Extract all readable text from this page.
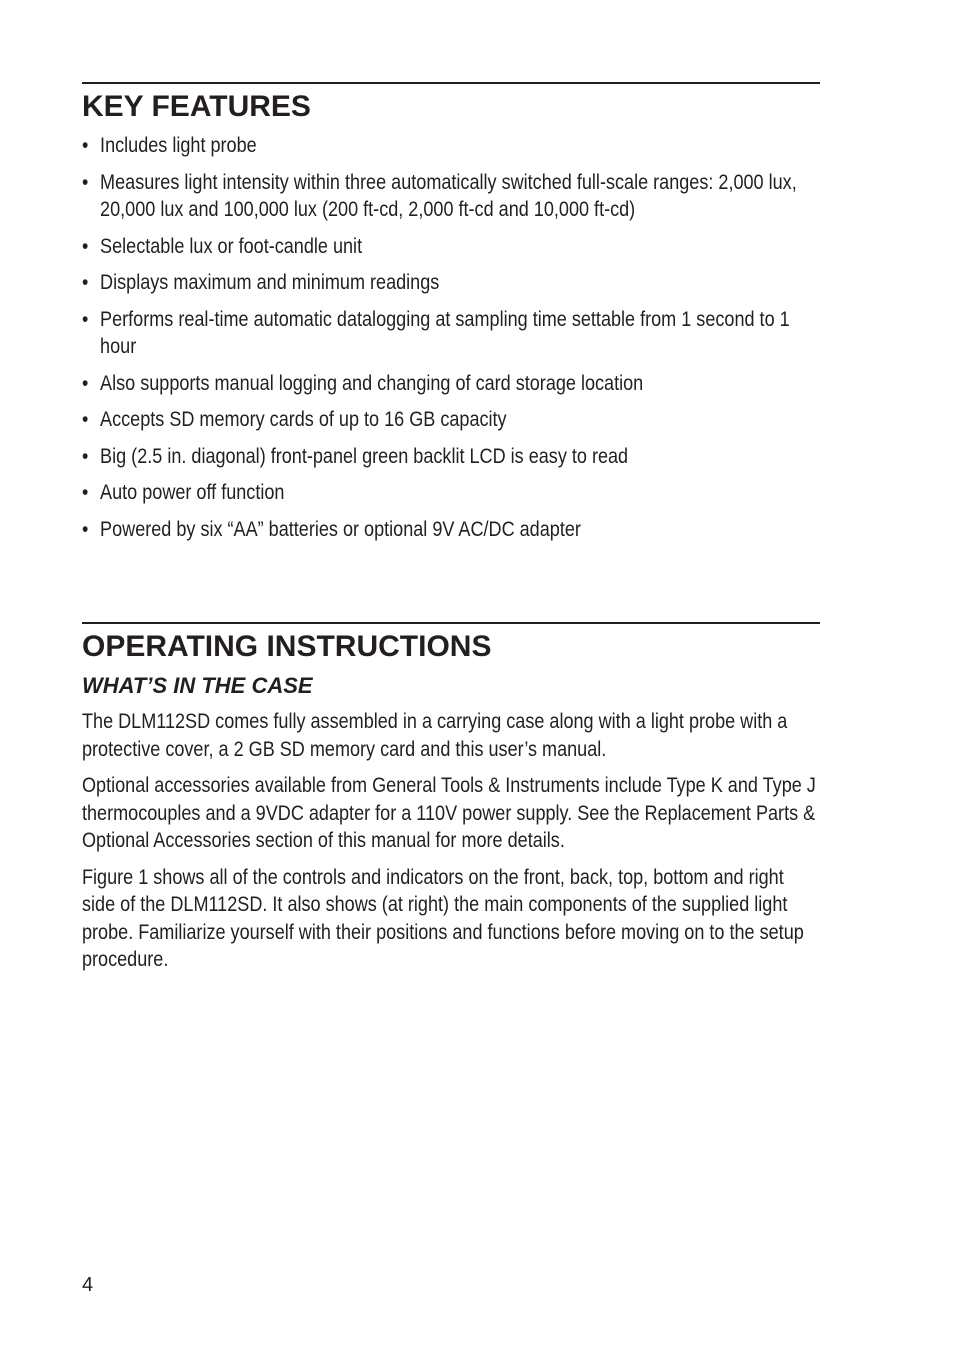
KEY FEATURES
• Includes light probe
• Measures light intensity within three automatically switched full-scale ranges: 2,000 lux, 20,000 lux and 100,000 lux (200 ft-cd, 2,000 ft-cd and 10,000 ft-cd)
• Selectable lux or foot-candle unit
• Displays maximum and minimum readings
• Performs real-time automatic datalogging at sampling time settable from 1 second to 1 hour
• Also supports manual logging and changing of card storage location
• Accepts SD memory cards of up to 16 GB capacity
• Big (2.5 in. diagonal) front-panel green backlit LCD is easy to read
• Auto power off function
• Powered by six “AA” batteries or optional 9V AC/DC adapter
OPERATING INSTRUCTIONS
WHAT’S IN THE CASE

The DLM112SD comes fully assembled in a carrying case along with a light probe with a protective cover, a 2 GB SD memory card and this user’s manual.

Optional accessories available from General Tools & Instruments include Type K and Type J thermocouples and a 9VDC adapter for a 110V power supply. See the Replacement Parts & Optional Accessories section of this manual for more details.

Figure 1 shows all of the controls and indicators on the front, back, top, bottom and right side of the DLM112SD. It also shows (at right) the main components of the supplied light probe. Familiarize yourself with their positions and functions before moving on to the setup procedure.

4
